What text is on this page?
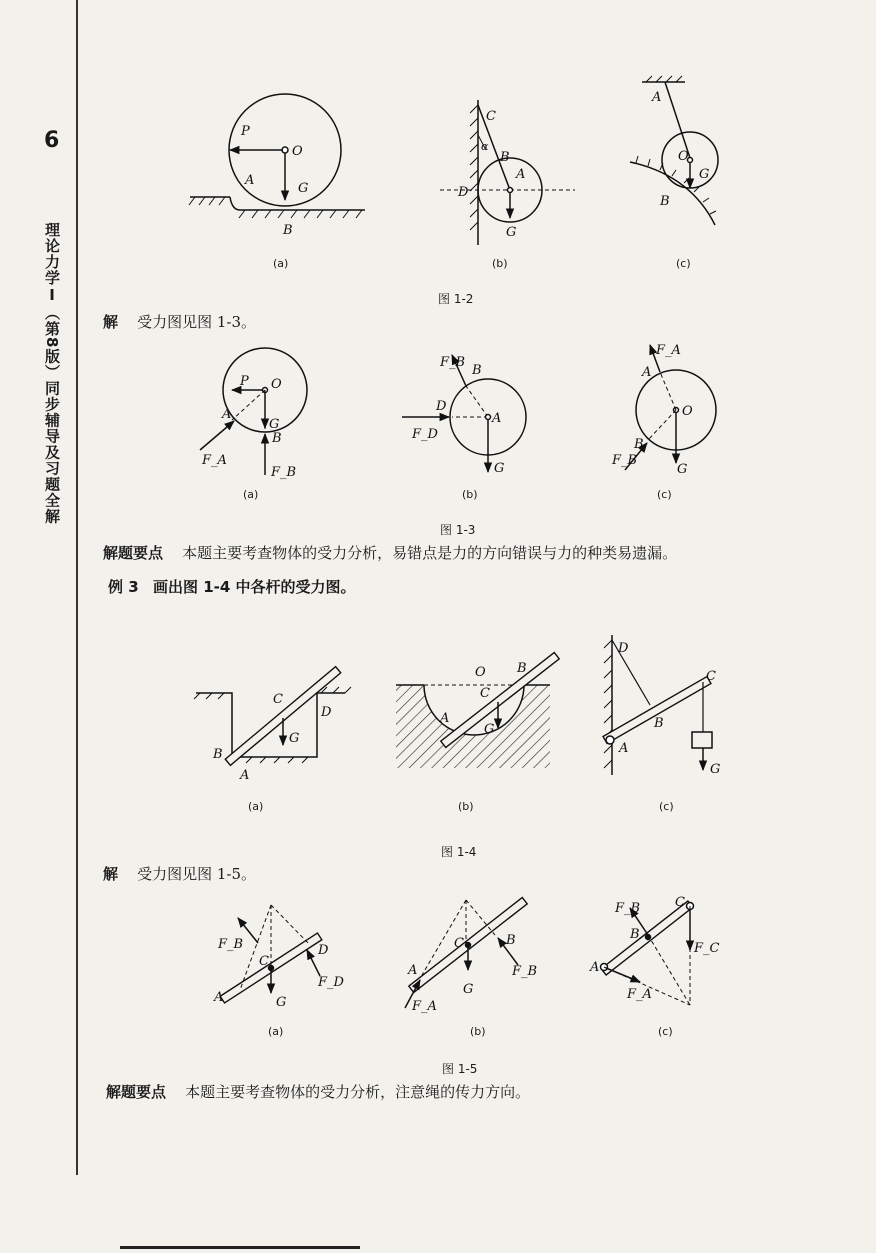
6
理论力学Ⅰ（第8版）同步辅导及习题全解
P
O
A
G
B
C
α
B
A
D
G
A
O
G
B
P O
A
G
B
F_A
F_B
F_B
B
D
A
F_D
G
F_A
A
O
B
F_B
G
C
D
G
B
A
O B
C
A
G
D
C
B
A
G
F_B	D
C
F_D
A	G
C	B
A	F_B
G
F_A
F_B	C
B
F_C
A
F_A
(a)	(b)	(c)
图 1-2
解 受力图见图 1-3。
(a)	(b)	(c)
图 1-3
解题要点 本题主要考查物体的受力分析，易错点是力的方向错误与力的种类易遗漏。
例 3 画出图 1-4 中各杆的受力图。
(a)	(b)	(c)
图 1-4
解 受力图见图 1-5。
(a)	(b)	(c)
图 1-5
解题要点 本题主要考查物体的受力分析，注意绳的传力方向。
